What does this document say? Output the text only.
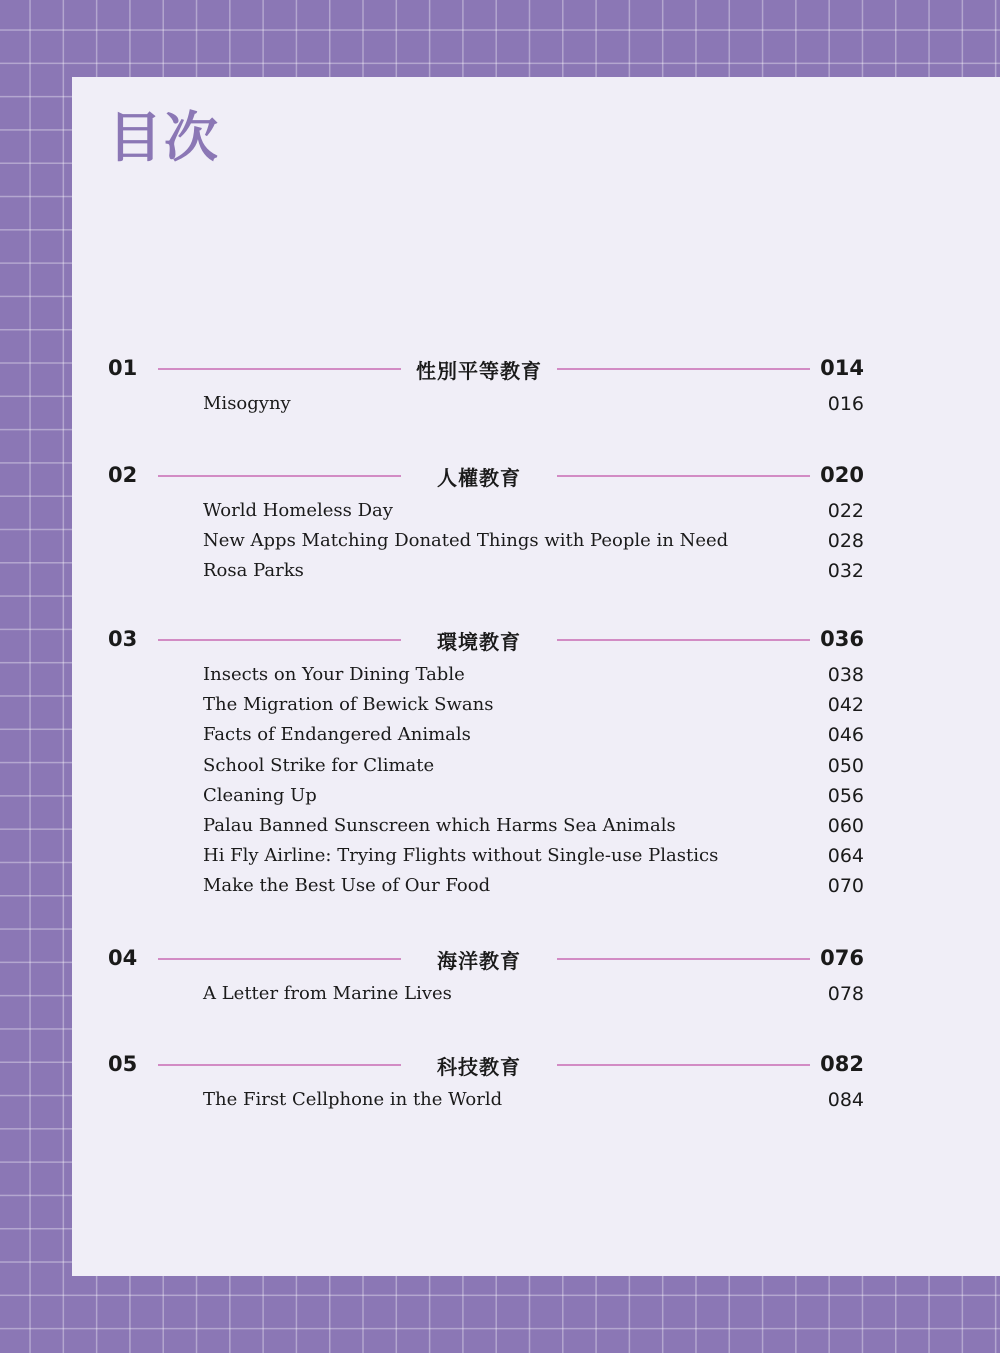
目次
01	性別平等教育	014
Misogyny	016
02	人權教育	020
World Homeless Day	022
New Apps Matching Donated Things with People in Need	028
Rosa Parks	032
03	環境教育	036
Insects on Your Dining Table	038
The Migration of Bewick Swans	042
Facts of Endangered Animals	046
School Strike for Climate	050
Cleaning Up	056
Palau Banned Sunscreen which Harms Sea Animals	060
Hi Fly Airline: Trying Flights without Single-use Plastics	064
Make the Best Use of Our Food	070
04	海洋教育	076
A Letter from Marine Lives	078
05	科技教育	082
The First Cellphone in the World	084
